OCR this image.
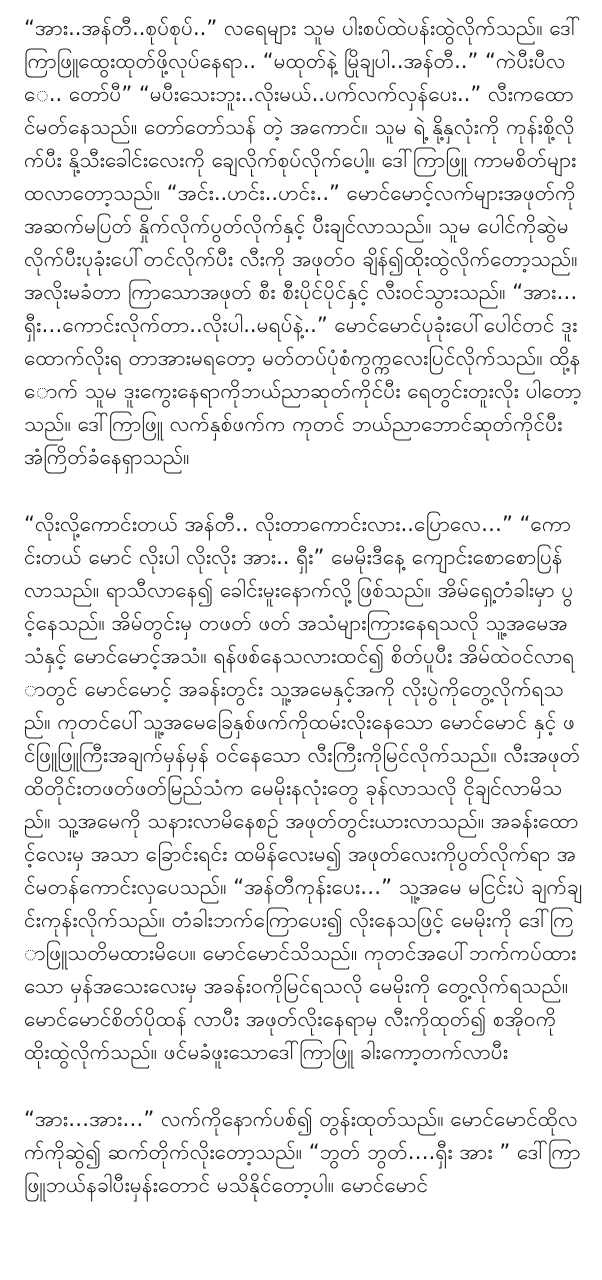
“အား..အန်တီ..စုပ်စုပ်..” လရေများ သူမ ပါးစပ်ထဲပန်းထွဲလိုက်သည်။ ဒေါ်ကြာဖြူထွေးထုတ်ဖို့လုပ်နေရာ.. “မထုတ်နဲ့ မြိုချပါ..အန်တီ..” “ကဲပီးပီလေ.. တော်ပီ” “မပီးသေးဘူး..လိုးမယ်..ပက်လက်လှန်ပေး..” လီးကထောင်မတ်နေသည်။ တော်တော်သန် တဲ့ အကောင်။ သူမ ရဲ့ နို့နှလုံးကို ကုန်းစို့လိုက်ပီး နို့သီးခေါင်းလေးကို ချေလိုက်စုပ်လိုက်ပေါ့။ ဒေါ်ကြာဖြူ ကာမစိတ်များထလာတော့သည်။ “အင်း..ဟင်း..ဟင်း..” မောင်မောင့်လက်များအဖုတ်ကို အဆက်မပြတ် နှိုက်လိုက်ပွတ်လိုက်နှင့် ပီးချင်လာသည်။ သူမ ပေါင်ကိုဆွဲမလိုက်ပီးပုခုံးပေါ်တင်လိုက်ပီး လီးကို အဖုတ်ဝ ချိန်၍ထိုးထွဲလိုက်တော့သည်။ အလိုးမခံတာ ကြာသောအဖုတ် စီး စီးပိုင်ပိုင်နှင့် လီးဝင်သွားသည်။ “အား…ရှီး…ကောင်းလိုက်တာ..လိုးပါ..မရပ်နဲ့..” မောင်မောင်ပုခုံးပေါ်ပေါင်တင် ဒူးထောက်လိုးရ တာအားမရတော့ မတ်တပ်ပုံစံကွက္ကလေးပြင်လိုက်သည်။ ထို့နောက် သူမ ဒူးကွေးနေရာကိုဘယ်ညာဆုတ်ကိုင်ပီး ရေတွင်းတူးလိုး ပါတော့သည်။ ဒေါ်ကြာဖြူ လက်နှစ်ဖက်က ကုတင် ဘယ်ညာဘောင်ဆုတ်ကိုင်ပီး အံကြိတ်ခံနေရှာသည်။

“လိုးလို့ကောင်းတယ် အန်တီ.. လိုးတာကောင်းလား..ပြောလေ…” “ကောင်းတယ် မောင် လိုးပါ လိုးလိုး အား.. ရှီး” မေမိုးဒီနေ့ ကျောင်းစောစောပြန်လာသည်။ ရာသီလာနေ၍ ခေါင်းမူးနောက်လို့ဖြစ်သည်။ အိမ်ရှေ့တံခါးမှာ ပွင့်နေသည်။ အိမ်တွင်းမှ တဖတ် ဖတ် အသံများကြားနေရသလို သူ့အမေအသံနှင့် မောင်မောင့်အသံ။ ရန်ဖစ်နေသလားထင်၍ စိတ်ပူပီး အိမ်ထဲဝင်လာရာတွင် မောင်မောင့် အခန်းတွင်း သူ့အမေနှင့်အကို လိုးပွဲကိုတွေ့လိုက်ရသည်။ ကုတင်ပေါ်သူ့အမေခြေနှစ်ဖက်ကိုထမ်းလိုးနေသော မောင်မောင် နှင့် ဖင်ဖြူဖြူကြီးအချက်မှန်မှန် ဝင်နေသော လီးကြီးကိုမြင်လိုက်သည်။ လီးအဖုတ် ထိတိုင်းတဖတ်ဖတ်မြည်သံက မေမိုးနလုံးတွေ ခုန်လာသလို ငိုချင်လာမိသည်။ သူ့အမေကို သနားလာမိနေစဉ် အဖုတ်တွင်းယားလာသည်။ အခန်းထောင့်လေးမှ အသာ ခြောင်းရင်း ထမိန်လေးမ၍ အဖုတ်လေးကိုပွတ်လိုက်ရာ အင်မတန်ကောင်းလှပေသည်။ “အန်တီကုန်းပေး…” သူ့အမေ မငြင်းပဲ ချက်ချင်းကုန်းလိုက်သည်။ တံခါးဘက်ကြောပေး၍ လိုးနေသဖြင့် မေမိုးကို ဒေါ်ကြာဖြူသတိမထားမိပေ။ မောင်မောင်သိသည်။ ကုတင်အပေါ်ဘက်ကပ်ထားသော မှန်အသေးလေးမှ အခန်းဝကိုမြင်ရသလို မေမိုးကို တွေ့လိုက်ရသည်။ မောင်မောင်စိတ်ပိုထန် လာပီး အဖုတ်လိုးနေရာမှ လီးကိုထုတ်၍ စအိုဝကို ထိုးထွဲလိုက်သည်။ ဖင်မခံဖူးသောဒေါ်ကြာဖြူ ခါးကော့တက်လာပီး

“အား…အား…” လက်ကိုနောက်ပစ်၍ တွန်းထုတ်သည်။ မောင်မောင်ထိုလက်ကိုဆွဲ၍ ဆက်တိုက်လိုးတော့သည်။ “ဘွတ် ဘွတ်….ရှီး အား ” ဒေါ်ကြာဖြူဘယ်နခါပီးမှန်းတောင် မသိနိုင်တော့ပါ။ မောင်မောင်
